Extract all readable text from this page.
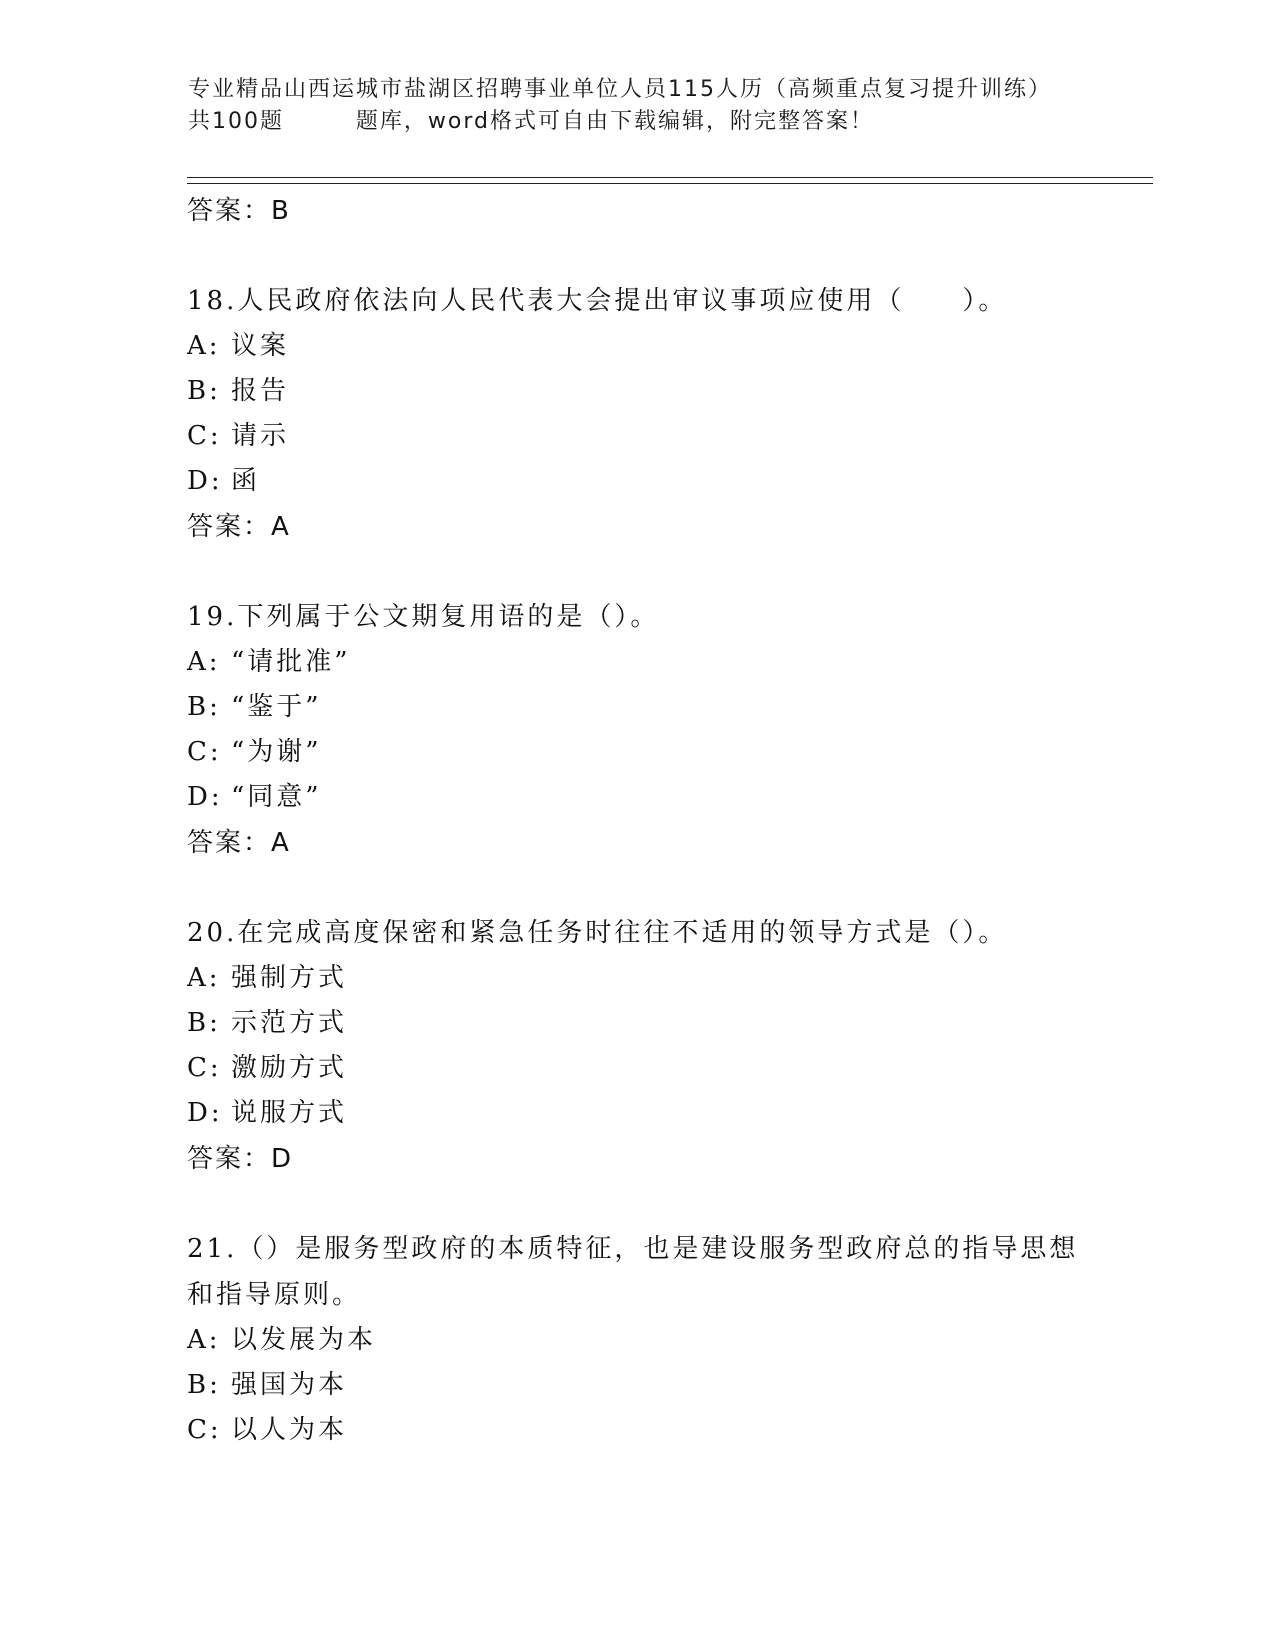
专业精品山西运城市盐湖区招聘事业单位人员115人历（高频重点复习提升训练）
共100题        题库，word格式可自由下载编辑，附完整答案！
答案：B
18.人民政府依法向人民代表大会提出审议事项应使用（　　）。
A: 议案
B: 报告
C: 请示
D: 函
答案：A
19.下列属于公文期复用语的是（）。
A: “请批准”
B: “鉴于”
C: “为谢”
D: “同意”
答案：A
20.在完成高度保密和紧急任务时往往不适用的领导方式是（）。
A: 强制方式
B: 示范方式
C: 激励方式
D: 说服方式
答案：D
21.（）是服务型政府的本质特征，也是建设服务型政府总的指导思想和指导原则。
A: 以发展为本
B: 强国为本
C: 以人为本
